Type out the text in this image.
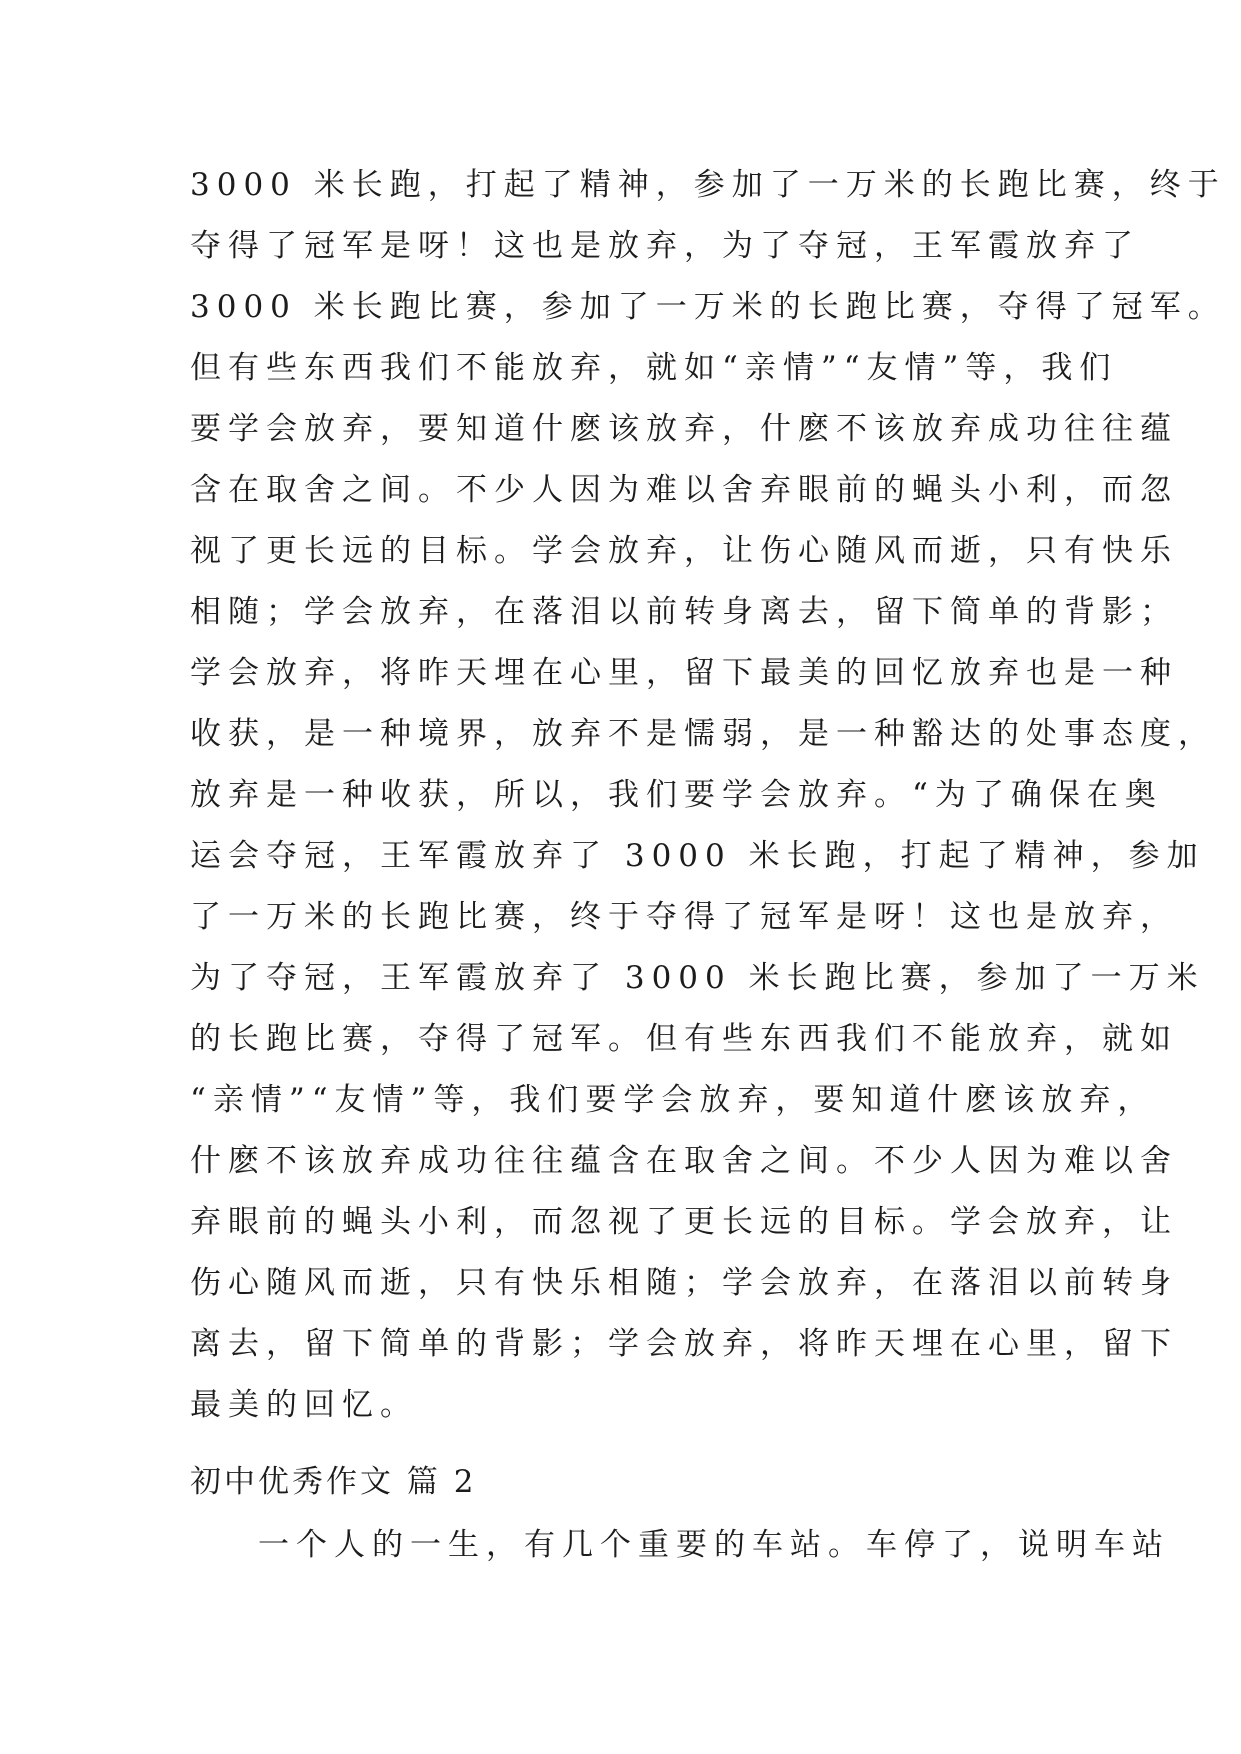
3000 米长跑，打起了精神，参加了一万米的长跑比赛，终于
夺得了冠军是呀！这也是放弃，为了夺冠，王军霞放弃了
3000 米长跑比赛，参加了一万米的长跑比赛，夺得了冠军。
但有些东西我们不能放弃，就如“亲情”“友情”等，我们
要学会放弃，要知道什麽该放弃，什麽不该放弃成功往往蕴
含在取舍之间。不少人因为难以舍弃眼前的蝇头小利，而忽
视了更长远的目标。学会放弃，让伤心随风而逝，只有快乐
相随；学会放弃，在落泪以前转身离去，留下简单的背影；
学会放弃，将昨天埋在心里，留下最美的回忆放弃也是一种
收获，是一种境界，放弃不是懦弱，是一种豁达的处事态度，
放弃是一种收获，所以，我们要学会放弃。“为了确保在奥
运会夺冠，王军霞放弃了 3000 米长跑，打起了精神，参加
了一万米的长跑比赛，终于夺得了冠军是呀！这也是放弃，
为了夺冠，王军霞放弃了 3000 米长跑比赛，参加了一万米
的长跑比赛，夺得了冠军。但有些东西我们不能放弃，就如
“亲情”“友情”等，我们要学会放弃，要知道什麽该放弃，
什麽不该放弃成功往往蕴含在取舍之间。不少人因为难以舍
弃眼前的蝇头小利，而忽视了更长远的目标。学会放弃，让
伤心随风而逝，只有快乐相随；学会放弃，在落泪以前转身
离去，留下简单的背影；学会放弃，将昨天埋在心里，留下
最美的回忆。
初中优秀作文 篇 2
一个人的一生，有几个重要的车站。车停了，说明车站
